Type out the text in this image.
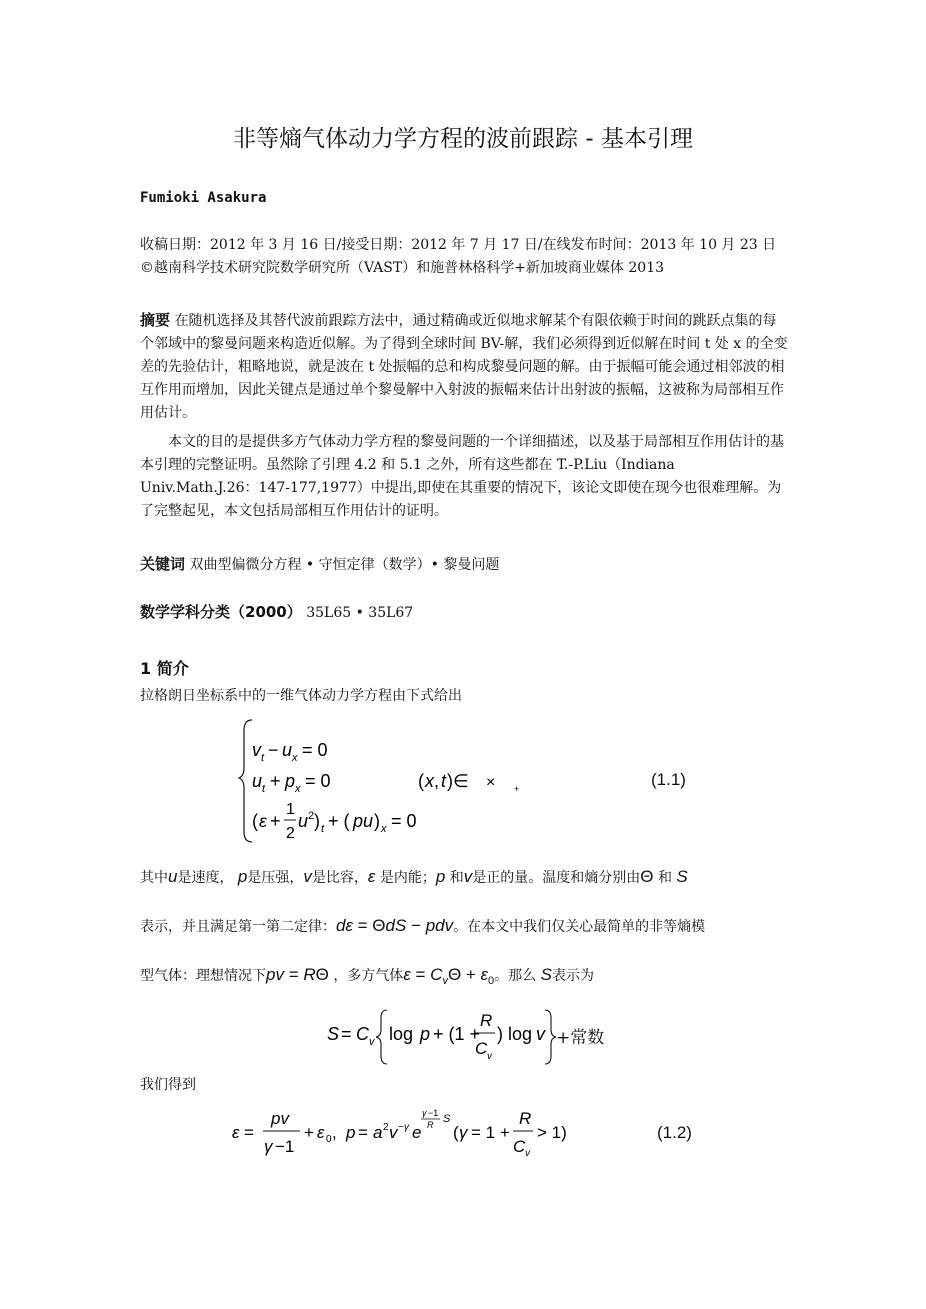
非等熵气体动力学方程的波前跟踪 - 基本引理
Fumioki Asakura
收稿日期：2012 年 3 月 16 日/接受日期：2012 年 7 月 17 日/在线发布时间：2013 年 10 月 23 日©越南科学技术研究院数学研究所（VAST）和施普林格科学+新加坡商业媒体 2013
摘要 在随机选择及其替代波前跟踪方法中，通过精确或近似地求解某个有限依赖于时间的跳跃点集的每个邻域中的黎曼问题来构造近似解。为了得到全球时间 BV-解，我们必须得到近似解在时间 t 处 x 的全变差的先验估计，粗略地说，就是波在 t 处振幅的总和构成黎曼问题的解。由于振幅可能会通过相邻波的相互作用而增加，因此关键点是通过单个黎曼解中入射波的振幅来估计出射波的振幅，这被称为局部相互作用估计。
本文的目的是提供多方气体动力学方程的黎曼问题的一个详细描述，以及基于局部相互作用估计的基本引理的完整证明。虽然除了引理 4.2 和 5.1 之外，所有这些都在 T.-P.Liu（Indiana Univ.Math.J.26：147-177,1977）中提出,即使在其重要的情况下，该论文即使在现今也很难理解。为了完整起见，本文包括局部相互作用估计的证明。
关键词 双曲型偏微分方程 • 守恒定律（数学）• 黎曼问题
数学学科分类（2000） 35L65 • 35L67
1 简介
拉格朗日坐标系中的一维气体动力学方程由下式给出
v t − u x = 0
u t + p x = 0
( ε +
1
2
u 2 ) t + ( pu ) x = 0
( x , t )∈ × +	(1.1)
其中u是速度， p是压强，v是比容，ε 是内能；p 和v是正的量。温度和熵分别由Θ 和 S
表示，并且满足第一第二定律：dε = ΘdS − pdv。在本文中我们仅关心最简单的非等熵模
型气体：理想情况下pv = RΘ ，多方气体$\varepsilon = C_v\Theta + \varepsilon_0$。那么 S表示为
S = C v log p + (1 +
R
C v
) log v +常数
我们得到
ε =
pv
γ −1
+ ε 0 , p = a 2 v − γ e
γ −1
R S
( γ = 1 +
R
C v
> 1)	(1.2)
